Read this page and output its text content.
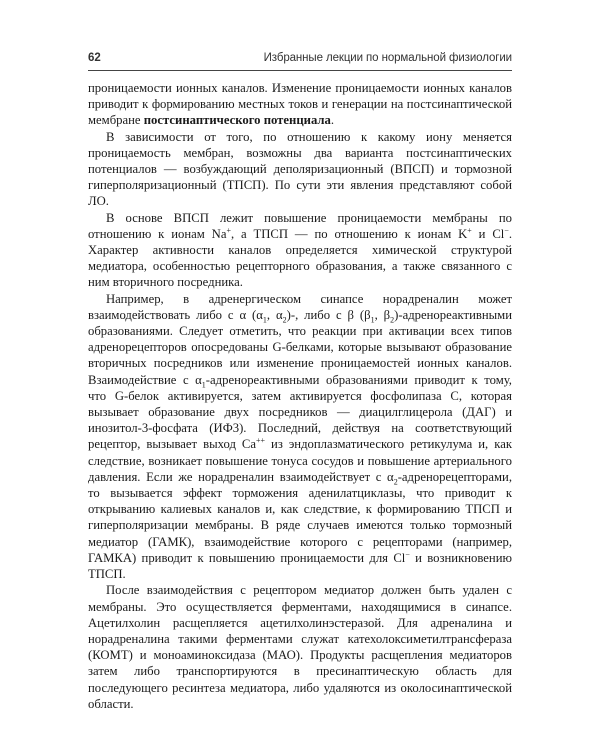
62	Избранные лекции по нормальной физиологии

проницаемости ионных каналов. Изменение проницаемости ионных каналов приводит к формированию местных токов и генерации на постсинаптической мембране постсинаптического потенциала.

В зависимости от того, по отношению к какому иону меняется проницаемость мембран, возможны два варианта постсинаптических потенциалов — возбуждающий деполяризационный (ВПСП) и тормозной гиперполяризационный (ТПСП). По сути эти явления представляют собой ЛО.

В основе ВПСП лежит повышение проницаемости мембраны по отношению к ионам Na+, а ТПСП — по отношению к ионам K+ и Cl−. Характер активности каналов определяется химической структурой медиатора, особенностью рецепторного образования, а также связанного с ним вторичного посредника.

Например, в адренергическом синапсе норадреналин может взаимодействовать либо с α ($\alpha_1$, $\alpha_2)-$, либо с β ($\beta_1$, $\beta_2$)-адренореактивными образованиями. Следует отметить, что реакции при активации всех типов адренорецепторов опосредованы G-белками, которые вызывают образование вторичных посредников или изменение проницаемостей ионных каналов. Взаимодействие с $\alpha_1$-адренореактивными образованиями приводит к тому, что G-белок активируется, затем активируется фосфолипаза C, которая вызывает образование двух посредников — диацилглицерола (ДАГ) и инозитол-3-фосфата (ИФ3). Последний, действуя на соответствующий рецептор, вызывает выход Ca++ из эндоплазматического ретикулума и, как следствие, возникает повышение тонуса сосудов и повышение артериального давления. Если же норадреналин взаимодействует с $\alpha_2$-адренорецепторами, то вызывается эффект торможения аденилатциклазы, что приводит к открыванию калиевых каналов и, как следствие, к формированию ТПСП и гиперполяризации мембраны. В ряде случаев имеются только тормозный медиатор (ГАМК), взаимодействие которого с рецепторами (например, ГАМКА) приводит к повышению проницаемости для Cl− и возникновению ТПСП.

После взаимодействия с рецептором медиатор должен быть удален с мембраны. Это осуществляется ферментами, находящимися в синапсе. Ацетилхолин расщепляется ацетилхолинэстеразой. Для адреналина и норадреналина такими ферментами служат катехолоксиметилтрансфераза (КОМТ) и моноаминоксидаза (МАО). Продукты расщепления медиаторов затем либо транспортируются в пресинаптическую область для последующего ресинтеза медиатора, либо удаляются из околосинаптической области.
